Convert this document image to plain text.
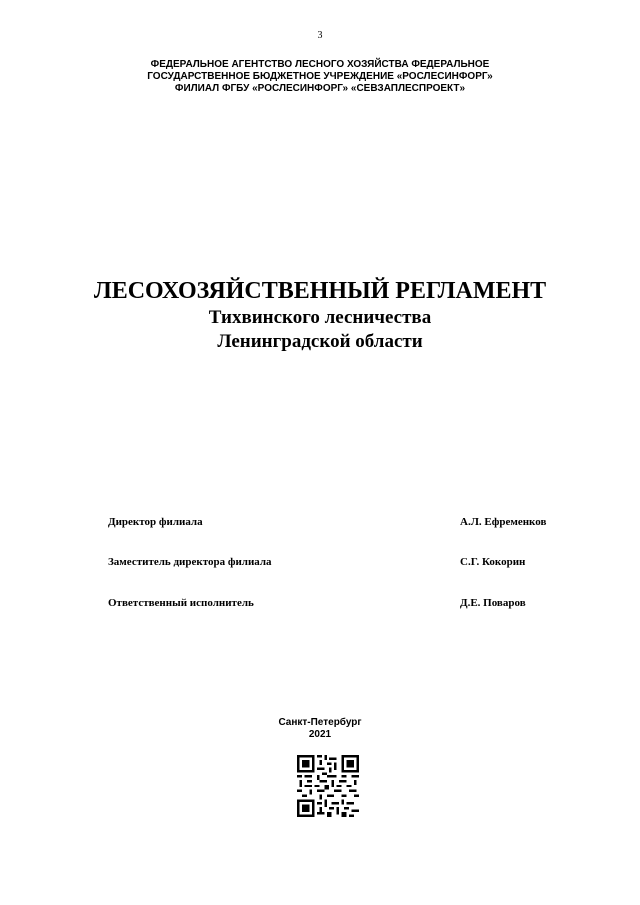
3
ФЕДЕРАЛЬНОЕ АГЕНТСТВО ЛЕСНОГО ХОЗЯЙСТВА ФЕДЕРАЛЬНОЕ
ГОСУДАРСТВЕННОЕ БЮДЖЕТНОЕ УЧРЕЖДЕНИЕ «РОСЛЕСИНФОРГ»
ФИЛИАЛ ФГБУ «РОСЛЕСИНФОРГ» «СЕВЗАПЛЕСПРОЕКТ»
ЛЕСОХОЗЯЙСТВЕННЫЙ РЕГЛАМЕНТ
Тихвинского лесничества
Ленинградской области
Директор филиала	А.Л. Ефременков
Заместитель директора филиала	С.Г. Кокорин
Ответственный исполнитель	Д.Е. Поваров
Санкт-Петербург
2021
